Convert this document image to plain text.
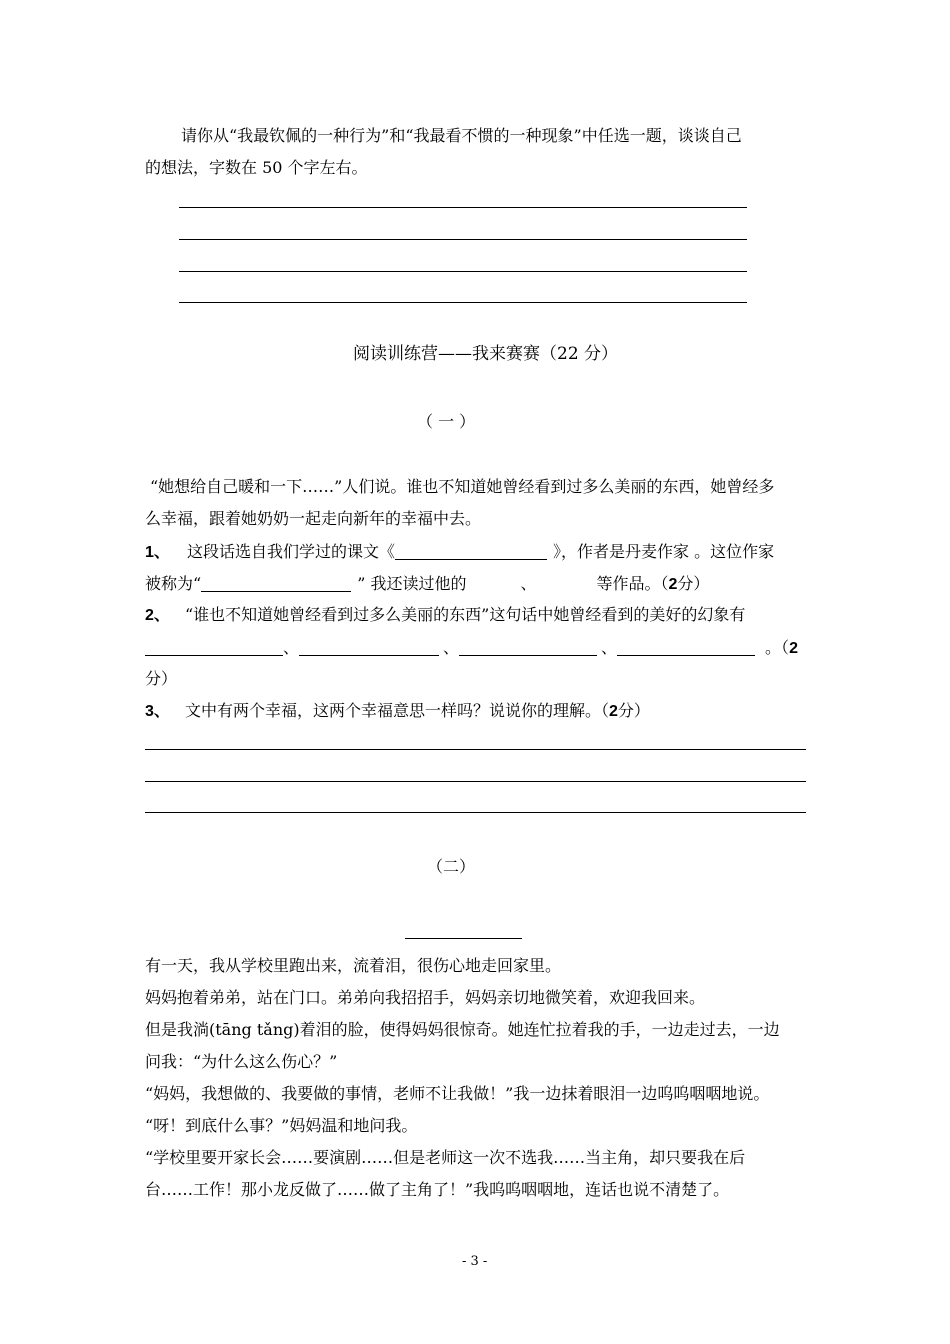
请你从“我最钦佩的一种行为”和“我最看不惯的一种现象”中任选一题，谈谈自己
的想法，字数在 50 个字左右。
阅读训练营——我来赛赛（22 分）
（ 一 ）
“她想给自己暖和一下……”人们说。谁也不知道她曾经看到过多么美丽的东西，她曾经多
么幸福，跟着她奶奶一起走向新年的幸福中去。
1、 这段话选自我们学过的课文《	》，作者是丹麦作家 。这位作家
被称为“	” 我还读过他的	、	等作品。（2分）
2、 “谁也不知道她曾经看到过多么美丽的东西”这句话中她曾经看到的美好的幻象有
、	、	、	。（2
分）
3、 文中有两个幸福，这两个幸福意思一样吗？说说你的理解。（2分）
（二）
有一天，我从学校里跑出来，流着泪，很伤心地走回家里。
妈妈抱着弟弟，站在门口。弟弟向我招招手，妈妈亲切地微笑着，欢迎我回来。
但是我淌(tāng tǎng)着泪的脸，使得妈妈很惊奇。她连忙拉着我的手，一边走过去，一边
问我：“为什么这么伤心？”
“妈妈，我想做的、我要做的事情，老师不让我做！”我一边抹着眼泪一边呜呜咽咽地说。
“呀！到底什么事？”妈妈温和地问我。
“学校里要开家长会……要演剧……但是老师这一次不选我……当主角，却只要我在后
台……工作！那小龙反做了……做了主角了！”我呜呜咽咽地，连话也说不清楚了。
- 3 -
